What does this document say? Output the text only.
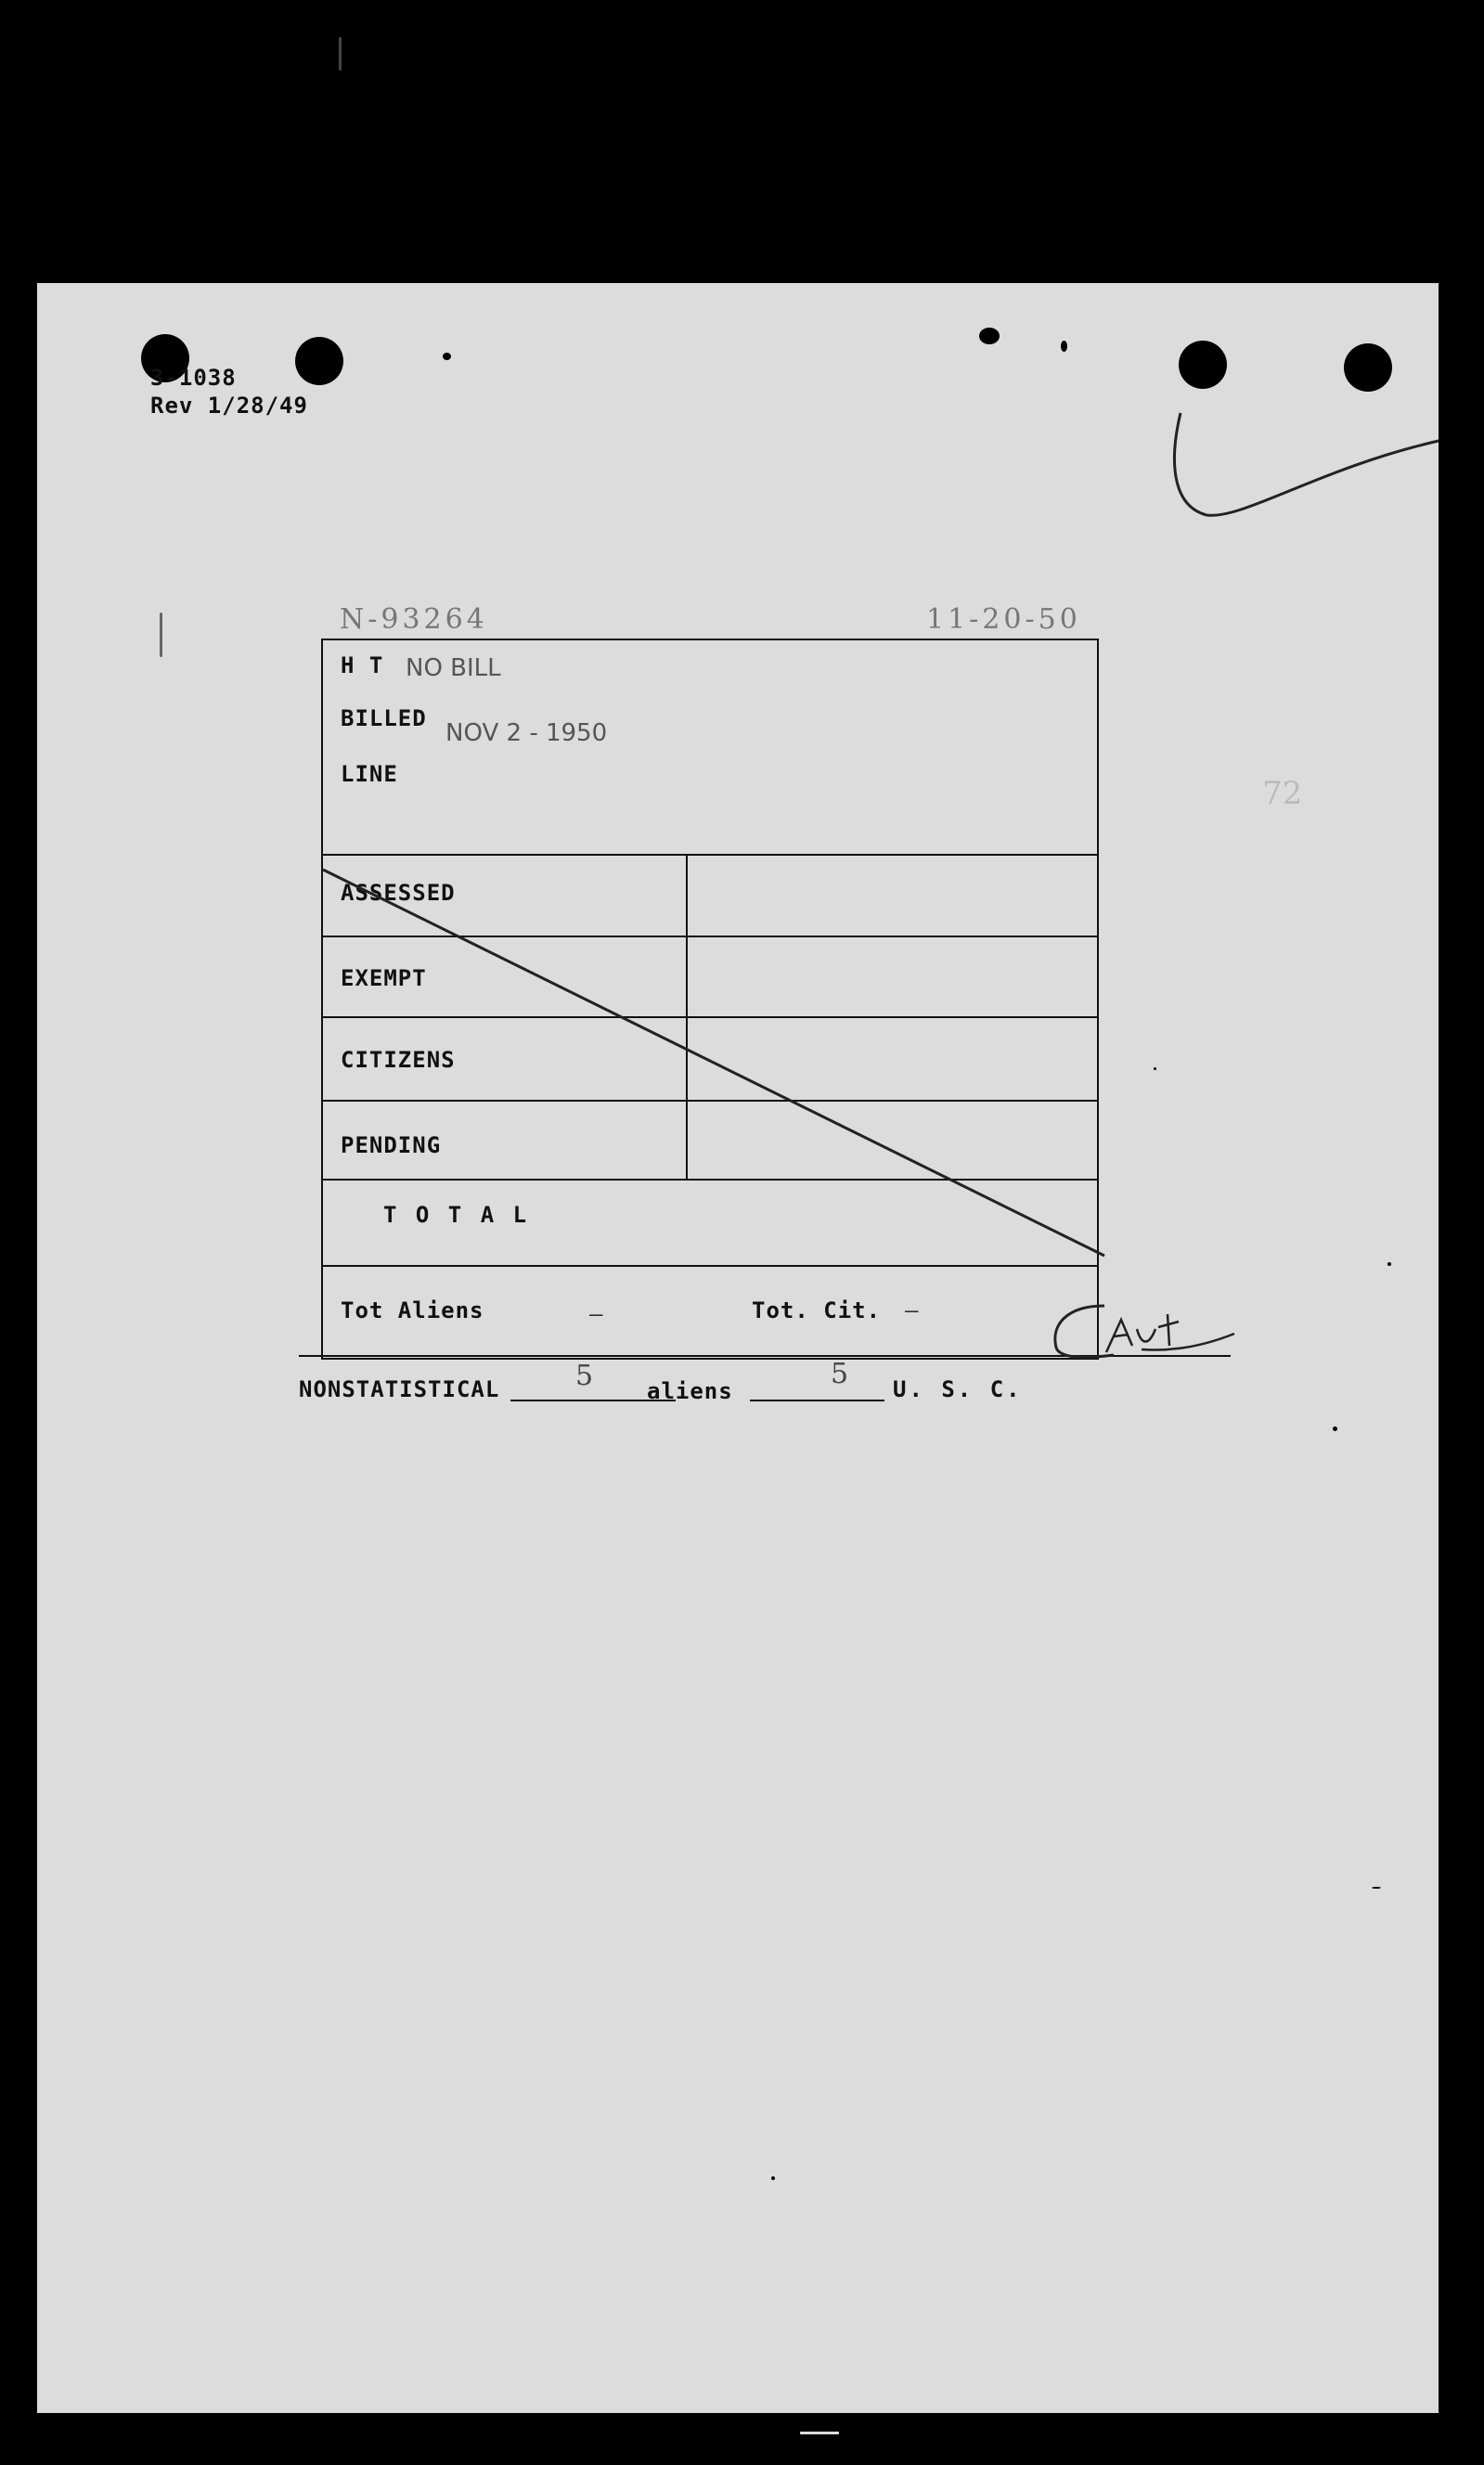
3-1038
Rev 1/28/49
N-93264	11-20-50
72
H T NO BILL
BILLED
NOV 2 - 1950
LINE
ASSESSED
EXEMPT
CITIZENS
PENDING
T O T A L
Tot Aliens	—	Tot. Cit. —
NONSTATISTICAL	5 aliens
5 U. S. C.
